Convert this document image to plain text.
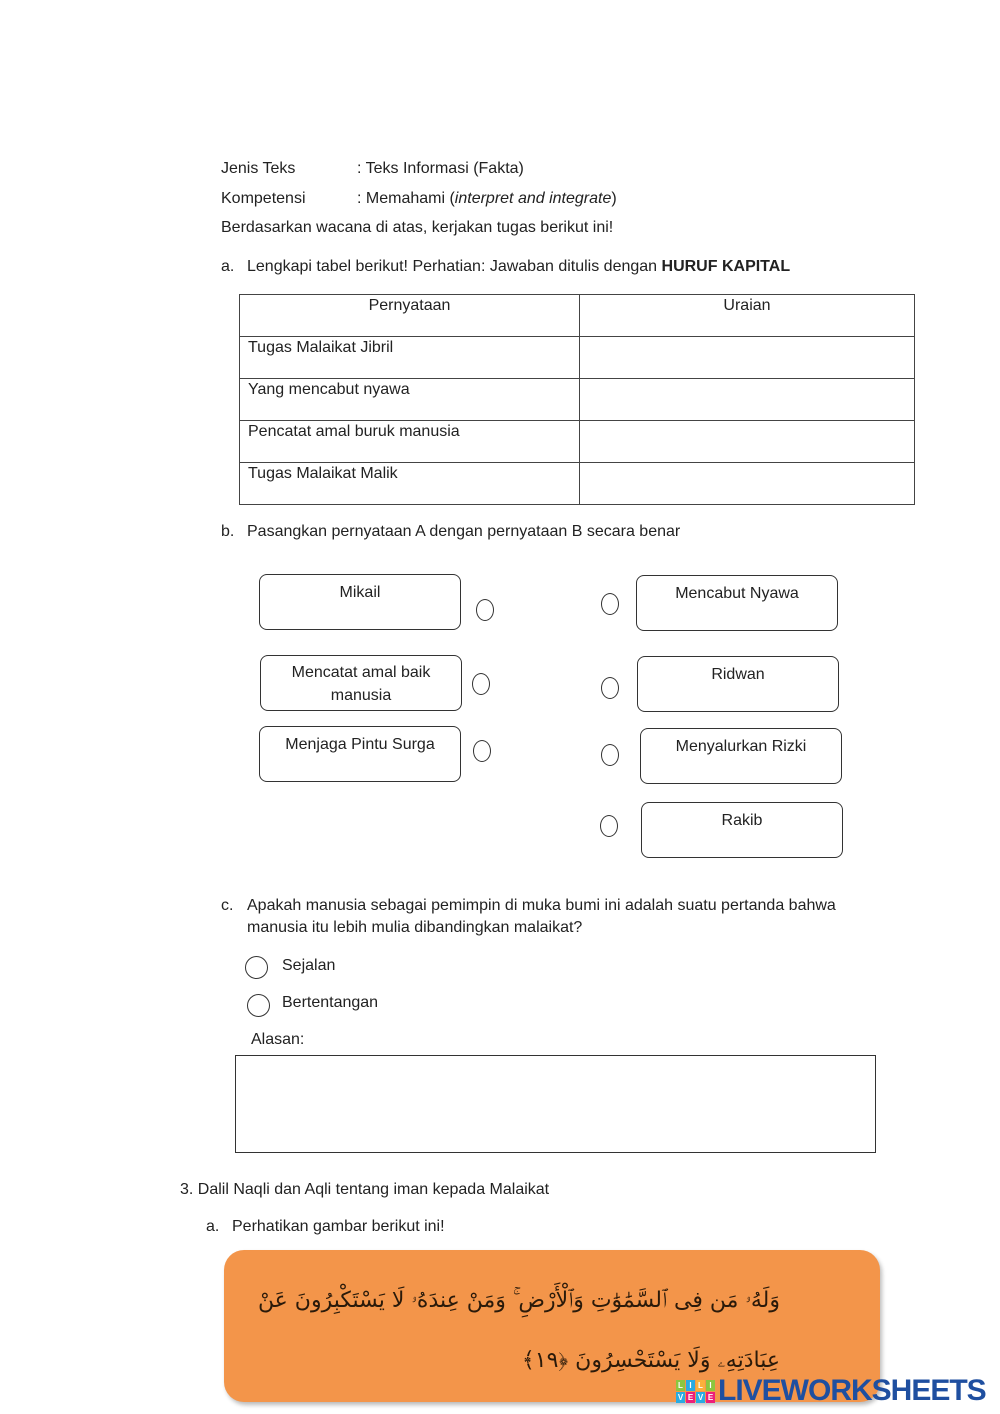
Jenis Teks	: Teks Informasi (Fakta)
Kompetensi	: Memahami (interpret and integrate)
Berdasarkan wacana di atas, kerjakan tugas berikut ini!
a. Lengkapi tabel berikut! Perhatian: Jawaban ditulis dengan HURUF KAPITAL
Pernyataan	Uraian
Tugas Malaikat Jibril	
Yang mencabut nyawa	
Pencatat amal buruk manusia	
Tugas Malaikat Malik	
b. Pasangkan pernyataan A dengan pernyataan B secara benar
Mikail
Mencatat amal baik manusia
Menjaga Pintu Surga
Mencabut Nyawa
Ridwan
Menyalurkan Rizki
Rakib
c. Apakah manusia sebagai pemimpin di muka bumi ini adalah suatu pertanda bahwa
manusia itu lebih mulia dibandingkan malaikat?
Sejalan
Bertentangan
Alasan:
3. Dalil Naqli dan Aqli tentang iman kepada Malaikat
a. Perhatikan gambar berikut ini!
وَلَهُۥ مَن فِى ٱلسَّمَٰوَٰتِ وَٱلْأَرْضِ ۚ وَمَنْ عِندَهُۥ لَا يَسْتَكْبِرُونَ عَنْ
عِبَادَتِهِۦ وَلَا يَسْتَحْسِرُونَ ﴿١٩﴾
L I L I
V E V E LIVEWORKSHEETS
